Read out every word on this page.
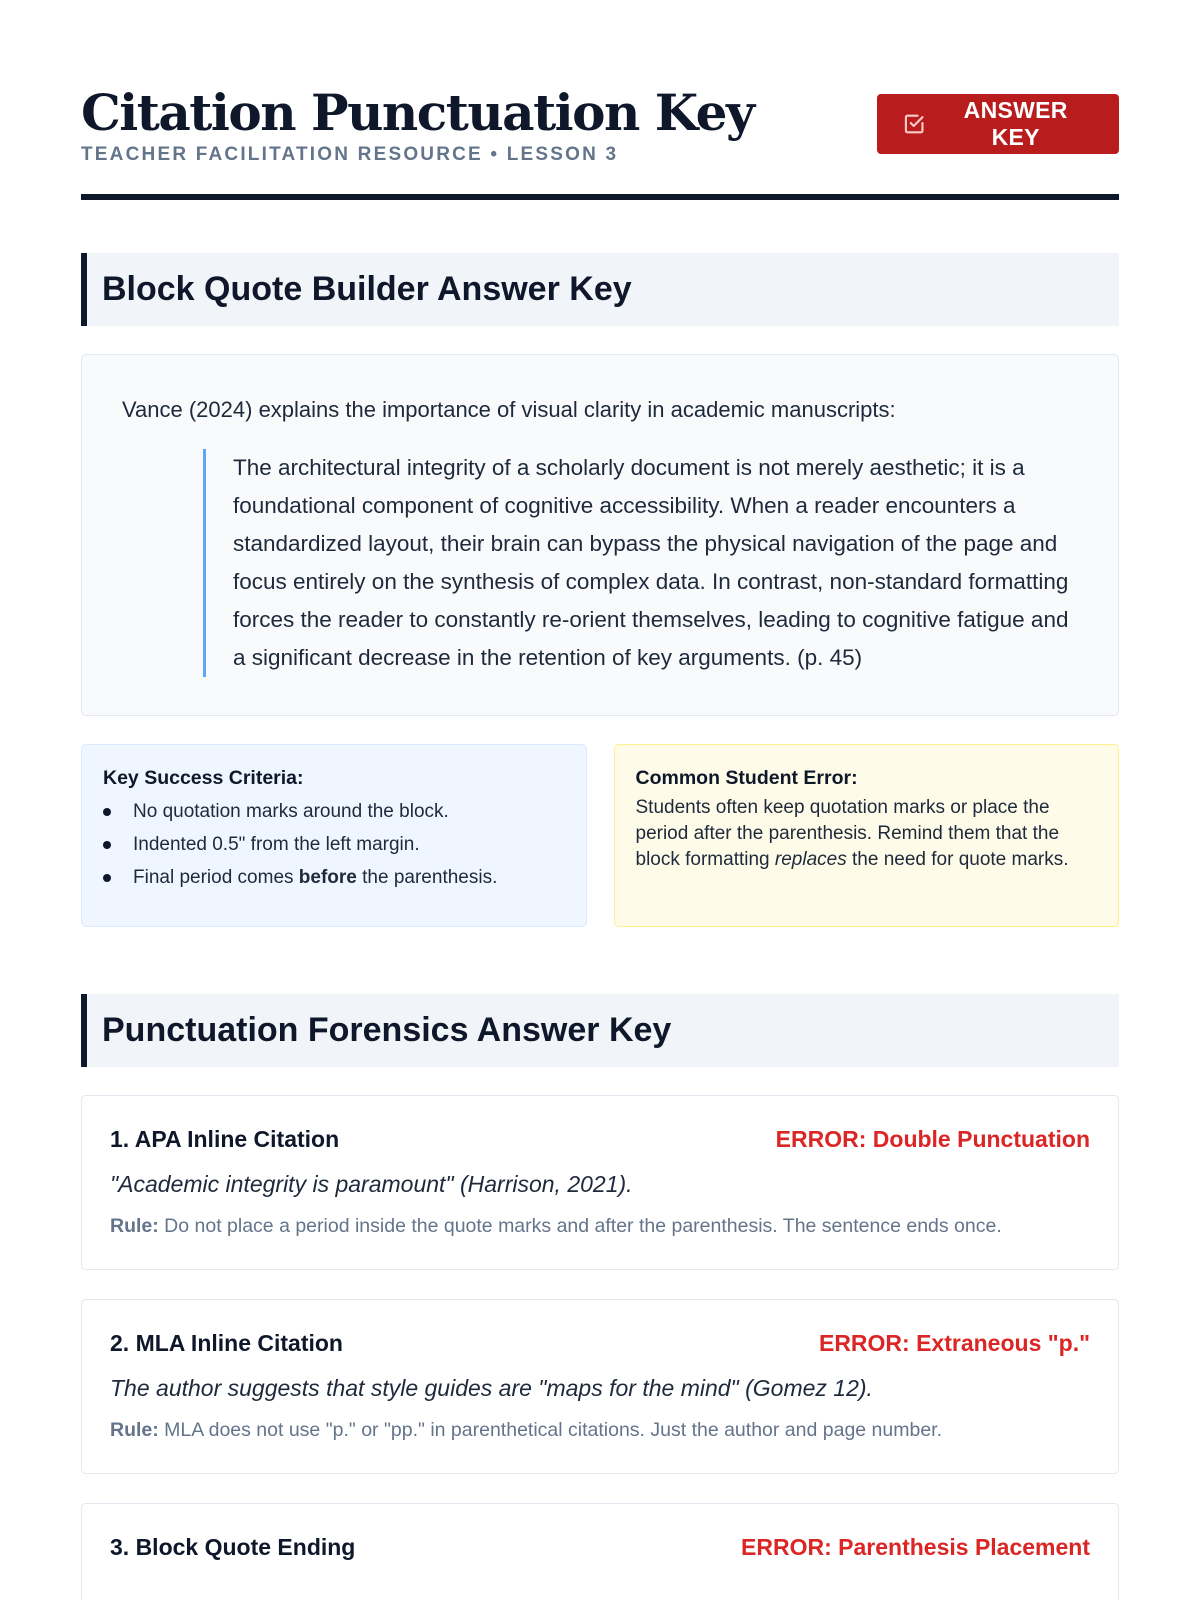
Citation Punctuation Key
TEACHER FACILITATION RESOURCE • LESSON 3
ANSWER KEY
Block Quote Builder Answer Key

Vance (2024) explains the importance of visual clarity in academic manuscripts:

The architectural integrity of a scholarly document is not merely aesthetic; it is a foundational component of cognitive accessibility. When a reader encounters a standardized layout, their brain can bypass the physical navigation of the page and focus entirely on the synthesis of complex data. In contrast, non-standard formatting forces the reader to constantly re-orient themselves, leading to cognitive fatigue and a significant decrease in the retention of key arguments. (p. 45)
Key Success Criteria:
No quotation marks around the block.
Indented 0.5" from the left margin.
Final period comes before the parenthesis.
Common Student Error:

Students often keep quotation marks or place the period after the parenthesis. Remind them that the block formatting replaces the need for quote marks.

Punctuation Forensics Answer Key
1. APA Inline Citation	ERROR: Double Punctuation

"Academic integrity is paramount" (Harrison, 2021).

Rule: Do not place a period inside the quote marks and after the parenthesis. The sentence ends once.

2. MLA Inline Citation	ERROR: Extraneous "p."

The author suggests that style guides are "maps for the mind" (Gomez 12).

Rule: MLA does not use "p." or "pp." in parenthetical citations. Just the author and page number.

3. Block Quote Ending	ERROR: Parenthesis Placement
